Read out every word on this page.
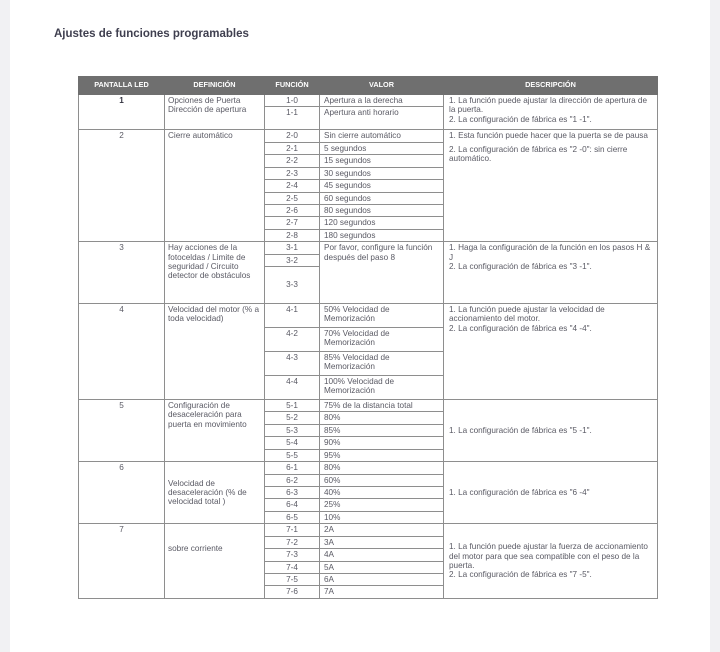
Ajustes de funciones programables
PANTALLA LED	DEFINICIÓN	FUNCIÓN	VALOR	DESCRIPCIÓN
1	Opciones de Puerta Dirección de apertura	1-0	Apertura a la derecha	1. La función puede ajustar la dirección de apertura de la puerta.
2. La configuración de fábrica es "1 -1".

		1-1	Apertura anti horario	
2	Cierre automático	2-0	Sin cierre automático	1. Esta función puede hacer que la puerta se de pausa
2. La configuración de fábrica es "2 -0": sin cierre automático.

		2-1	5 segundos	
		2-2	15 segundos	
		2-3	30 segundos	
		2-4	45 segundos	
		2-5	60 segundos	
		2-6	80 segundos	
		2-7	120 segundos	
		2-8	180 segundos	
3	Hay acciones de la fotoceldas / Limite de seguridad / Circuito detector de obstáculos	3-1	Por favor, configure la función después del paso 8	1. Haga la configuración de la función en los pasos H & J
2. La configuración de fábrica es "3 -1".

		3-2		
		3-3		
4	Velocidad del motor (% a toda velocidad)	4-1	50% Velocidad de Memorización	1. La función puede ajustar la velocidad de accionamiento del motor.
2. La configuración de fábrica es "4 -4".

		4-2	70% Velocidad de Memorización	
		4-3	85% Velocidad de Memorización	
		4-4	100% Velocidad de Memorización	
5	Configuración de desaceleración para puerta en movimiento	5-1	75% de la distancia total	1. La configuración de fábrica es "5 -1".

		5-2	80%	
		5-3	85%	
		5-4	90%	
		5-5	95%	
6	Velocidad de desaceleración (% de velocidad total )	6-1	80%	1. La configuración de fábrica es "6 -4"

		6-2	60%	
		6-3	40%	
		6-4	25%	
		6-5	10%	
7	sobre corriente	7-1	2A	1. La función puede ajustar la fuerza de accionamiento del motor para que sea compatible con el peso de la puerta.
2. La configuración de fábrica es "7 -5".

		7-2	3A	
		7-3	4A	
		7-4	5A	
		7-5	6A	
		7-6	7A	
